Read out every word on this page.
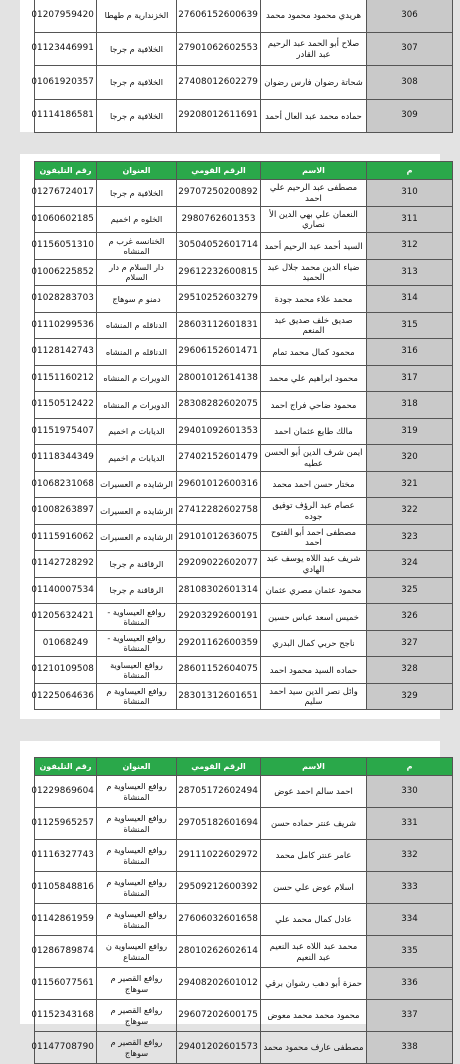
306	هريدي محمود محمود محمد	27606152600639	الخزندارية م طهطا	01207959420
307	صلاح أبو الحمد عبد الرحيم عبد القادر	27901062602553	الخلافية م جرجا	01123446991
308	شحاتة رضوان فارس رضوان	27408012602279	الخلافية م جرجا	01061920357
309	حماده محمد عبد العال أحمد	29208012611691	الخلافية م جرجا	01114186581
م	الاسم	الرقم القومي	العنوان	رقم التليفون
310	مصطفى عبد الرحيم علي احمد	29707250200892	الخلافية م جرجا	01276724017
311	النعمان علي بهي الدين الأ نصاري	2980762601353	الخلوه م اخميم	01060602185
312	السيد أحمد عبد الرحيم أحمد	30504052601714	الخنانسه غرب م المنشاه	01156051310
313	ضياء الدين محمد جلال عبد الحميد	29612232600815	دار السلام م دار السلام	01006225852
314	محمد علاء محمد جودة	29510252603279	دمنو م سوهاج	01028283703
315	صديق خلف صديق عبد المنعم	28603112601831	الدناقله م المنشاه	01110299536
316	محمود كمال محمد تمام	29606152601471	الدناقله م المنشاه	01128142743
317	محمود ابراهيم علي محمد	28001012614138	الدويرات م المنشاه	01151160212
318	محمود ضاحي فراج احمد	28308282602075	الدويرات م المنشاه	01150512422
319	مالك طايع عثمان احمد	29401092601353	الديابات م اخميم	01151975407
320	ايمن شرف الدين أبو الحسن عطيه	27402152601479	الديابات م اخميم	01118344349
321	مختار حسن احمد محمد	29601012600316	الرشايده م العسيرات	01068231068
322	عصام عبد الرؤف توفيق جوده	27412282602758	الرشايده م العسيرات	01008263897
323	مصطفى احمد أبو الفتوح احمد	29101012636075	الرشايده م العسيرات	01115916062
324	شريف عبد اللاه يوسف عبد الهادي	29209022602077	الرقاقنة م جرجا	01142728292
325	محمود عثمان مصري عثمان	28108302601314	الرقاقنة م جرجا	01140007534
326	خميس اسعد عباس حسين	29203292600191	روافع العيساوية - المنشاة	01205632421
327	ناجح حربي كمال البدري	29201162600359	روافع العيساوية - المنشاة	01068249
328	حماده السيد محمود احمد	28601152604075	روافع العيساوية المنشاة	01210109508
329	وائل نصر الدين سيد احمد سليم	28301312601651	روافع العيساوية م المنشاة	01225064636
م	الاسم	الرقم القومي	العنوان	رقم التليفون
330	احمد سالم احمد عوض	28705172602494	روافع العيساوية م المنشاة	01229869604
331	شريف عنتر حماده حسن	29705182601694	روافع العيساوية م المنشاة	01125965257
332	عامر عنتر كامل محمد	29111022602972	روافع العيساوية م المنشاة	01116327743
333	اسلام عوض علي حسن	29509212600392	روافع العيساوية م المنشاة	01105848816
334	عادل كمال محمد علي	27606032601658	روافع العيساوية م المنشاة	01142861959
335	محمد عبد اللاه عبد النعيم عبد النعيم	28010262602614	روافع العيساوية ن المنشاع	01286789874
336	حمزة أبو دهب رشوان برقي	29408202601012	روافع القصير م سوهاج	01156077561
337	محمود محمد محمد معوض	29607202600175	روافع القصير م سوهاج	01152343168
338	مصطفى عارف محمود محمد	29401202601573	روافع القصير م سوهاج	01147708790
